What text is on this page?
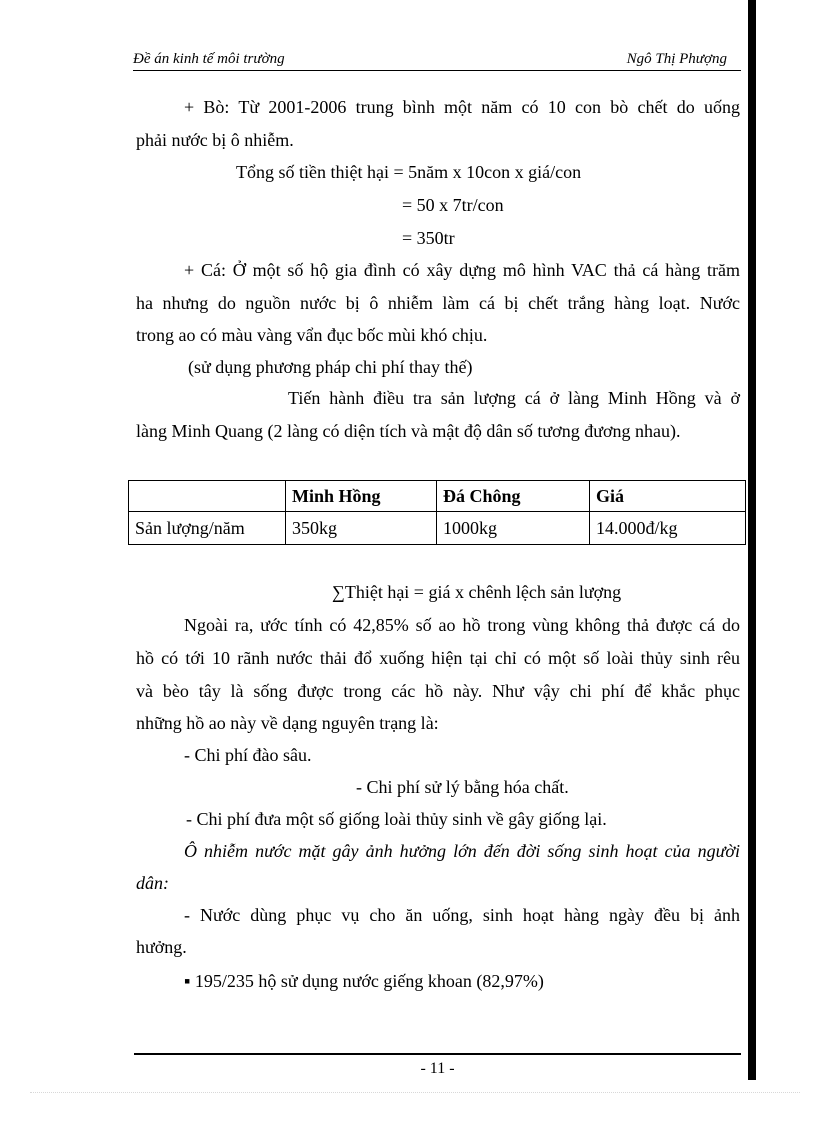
Đề án kinh tế môi trường	Ngô Thị Phượng
+ Bò: Từ 2001-2006 trung bình một năm có 10 con bò chết do uống
phải nước bị ô nhiễm.
Tổng số tiền thiệt hại = 5năm x 10con x giá/con
= 50 x 7tr/con
= 350tr
+ Cá: Ở một số hộ gia đình có xây dựng mô hình VAC thả cá hàng trăm
ha nhưng do nguồn nước bị ô nhiễm làm cá bị chết trắng hàng loạt. Nước
trong ao có màu vàng vẩn đục bốc mùi khó chịu.
(sử dụng phương pháp chi phí thay thế)
Tiến hành điều tra sản lượng cá ở làng Minh Hồng và ở
làng Minh Quang (2 làng có diện tích và mật độ dân số tương đương nhau).
	Minh Hồng	Đá Chông	Giá
Sản lượng/năm	350kg	1000kg	14.000đ/kg
∑Thiệt hại = giá x chênh lệch sản lượng
Ngoài ra, ước tính có 42,85% số ao hồ trong vùng không thả được cá do
hồ có tới 10 rãnh nước thải đổ xuống hiện tại chỉ có một số loài thủy sinh rêu
và bèo tây là sống được trong các hồ này. Như vậy chi phí để khắc phục
những hồ ao này về dạng nguyên trạng là:
- Chi phí đào sâu.
- Chi phí sử lý bằng hóa chất.
- Chi phí đưa một số giống loài thủy sinh về gây giống lại.
Ô nhiễm nước mặt gây ảnh hưởng lớn đến đời sống sinh hoạt của người
dân:
- Nước dùng phục vụ cho ăn uống, sinh hoạt hàng ngày đều bị ảnh
hưởng.
▪ 195/235 hộ sử dụng nước giếng khoan (82,97%)
- 11 -
